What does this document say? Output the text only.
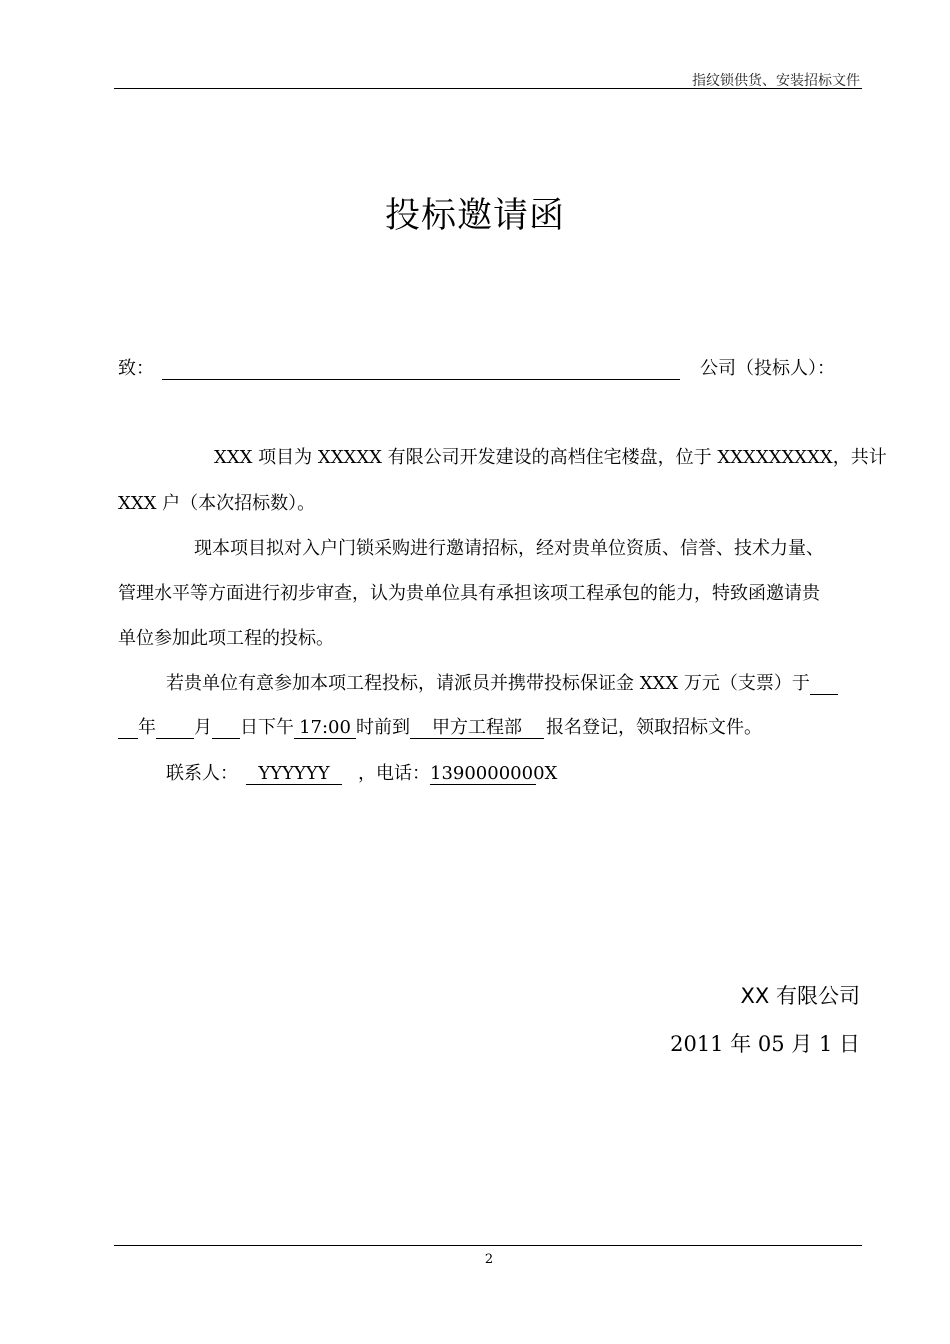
指纹锁供货、安装招标文件
投标邀请函
致：	公司（投标人）：
XXX 项目为 XXXXX 有限公司开发建设的高档住宅楼盘，位于 XXXXXXXXX，共计
XXX 户（本次招标数）。
现本项目拟对入户门锁采购进行邀请招标，经对贵单位资质、信誉、技术力量、
管理水平等方面进行初步审查，认为贵单位具有承担该项工程承包的能力，特致函邀请贵
单位参加此项工程的投标。
若贵单位有意参加本项工程投标，请派员并携带投标保证金 XXX 万元（支票）于
年 月 日下午 17:00 时前到 甲方工程部 报名登记，领取招标文件。
联系人： YYYYYY ，电话：1390000000X
XX 有限公司
2011 年 05 月 1 日
2
